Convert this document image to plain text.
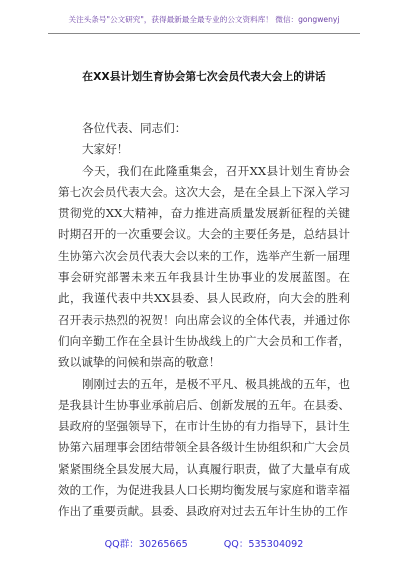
关注头条号"公文研究"，获得最新最全最专业的公文资料库！ 微信：gongwenyj
在XX县计划生育协会第七次会员代表大会上的讲话

各位代表、同志们：

大家好！

今天，我们在此隆重集会，召开XX县计划生育协会第七次会员代表大会。这次大会，是在全县上下深入学习贯彻党的XX大精神，奋力推进高质量发展新征程的关键时期召开的一次重要会议。大会的主要任务是，总结县计生协第六次会员代表大会以来的工作，选举产生新一届理事会研究部署未来五年我县计生协事业的发展蓝图。在此，我谨代表中共XX县委、县人民政府，向大会的胜利召开表示热烈的祝贺！向出席会议的全体代表，并通过你们向辛勤工作在全县计生协战线上的广大会员和工作者，致以诚挚的问候和崇高的敬意！

刚刚过去的五年，是极不平凡、极具挑战的五年，也是我县计生协事业承前启后、创新发展的五年。在县委、县政府的坚强领导下，在市计生协的有力指导下，县计生协第六届理事会团结带领全县各级计生协组织和广大会员紧紧围绕全县发展大局，认真履行职责，做了大量卓有成效的工作，为促进我县人口长期均衡发展与家庭和谐幸福作出了重要贡献。县委、县政府对过去五年计生协的工作

QQ群：30265665	QQ：535304092
